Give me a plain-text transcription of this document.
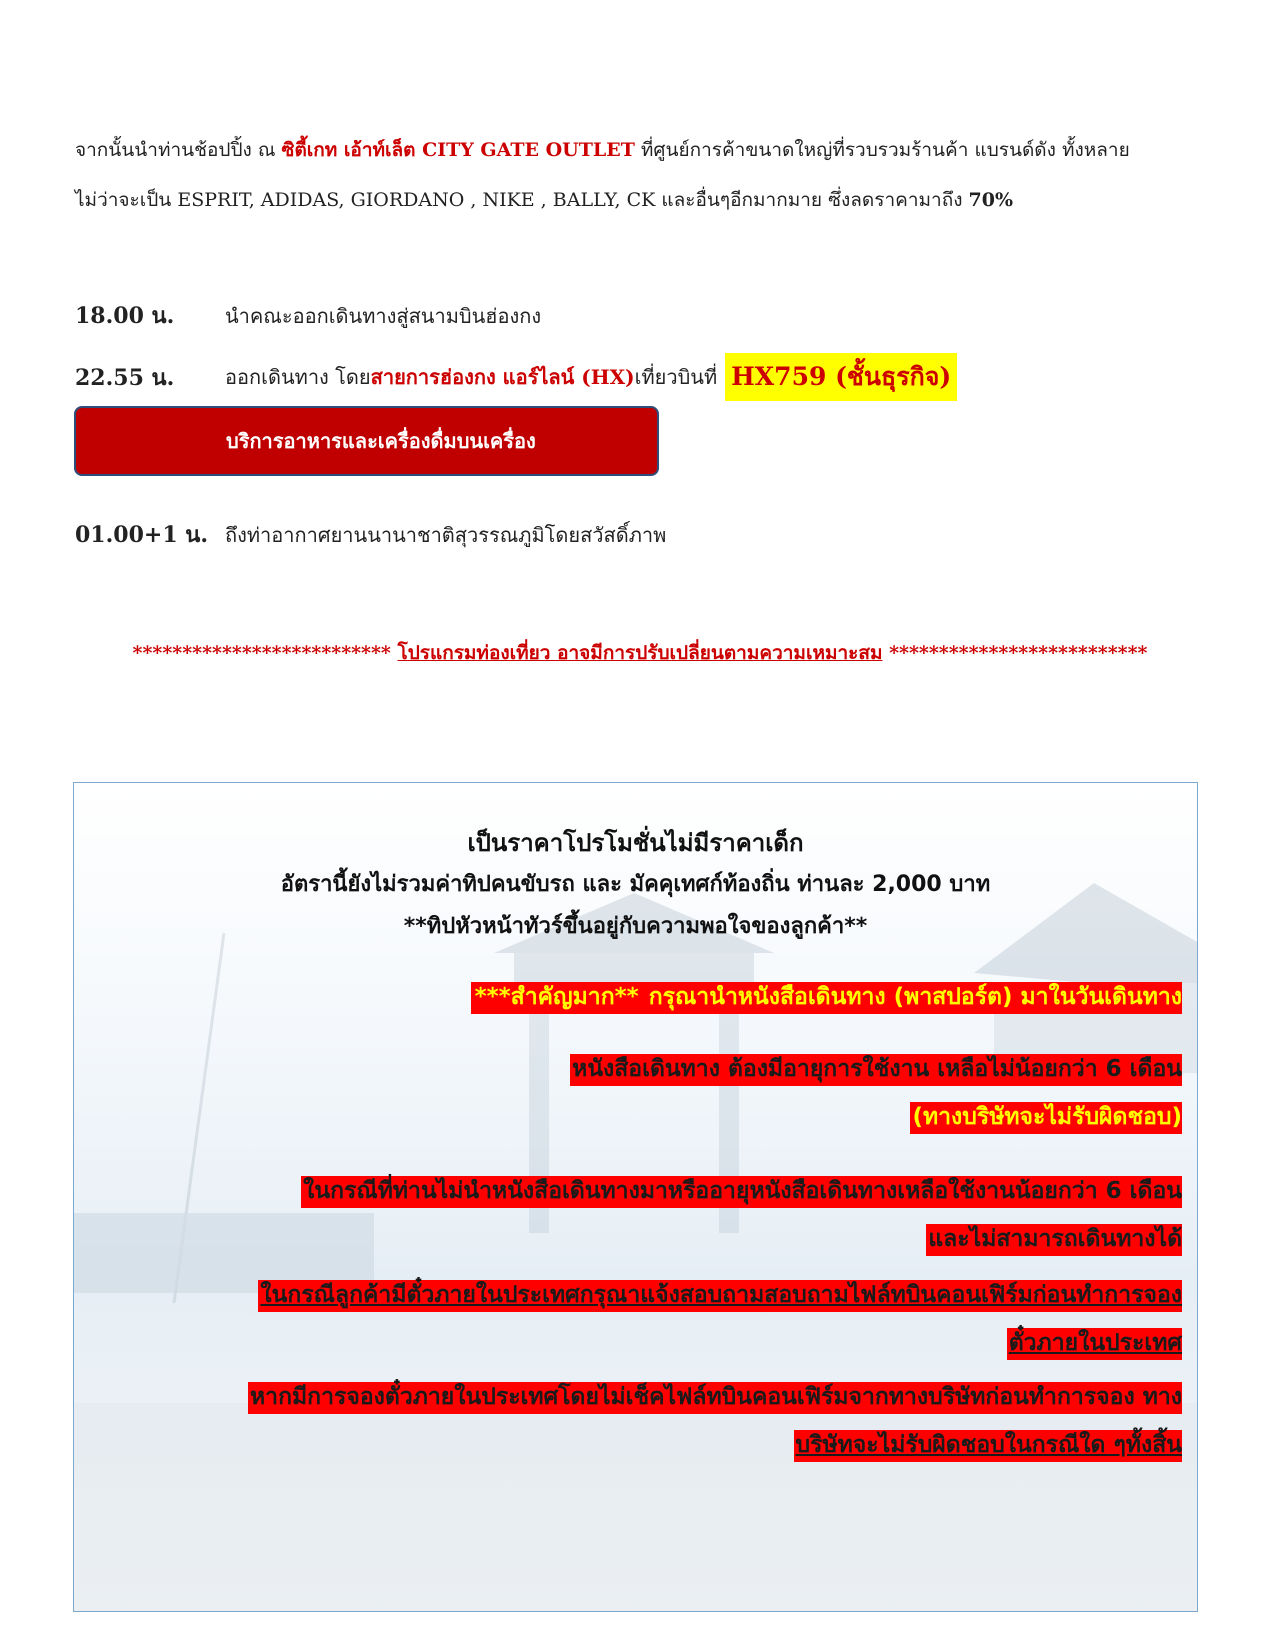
จากนั้นนำท่านช้อปปิ้ง ณ ซิตี้เกท เอ้าท์เล็ต CITY GATE OUTLET ที่ศูนย์การค้าขนาดใหญ่ที่รวบรวมร้านค้า แบรนด์ดัง ทั้งหลาย
ไม่ว่าจะเป็น ESPRIT, ADIDAS, GIORDANO , NIKE , BALLY, CK และอื่นๆอีกมากมาย ซึ่งลดราคามาถึง 70%
18.00 น.	นำคณะออกเดินทางสู่สนามบินฮ่องกง
22.55 น.	ออกเดินทาง โดย สายการฮ่องกง แอร์ไลน์ (HX) เที่ยวบินที่ HX759 (ชั้นธุรกิจ)
บริการอาหารและเครื่องดื่มบนเครื่อง
01.00+1 น. ถึงท่าอากาศยานนานาชาติสุวรรณภูมิโดยสวัสดิ์ภาพ
************************** โปรแกรมท่องเที่ยว อาจมีการปรับเปลี่ยนตามความเหมาะสม **************************
เป็นราคาโปรโมชั่นไม่มีราคาเด็ก
อัตรานี้ยังไม่รวมค่าทิปคนขับรถ และ มัคคุเทศก์ท้องถิ่น ท่านละ 2,000 บาท
**ทิปหัวหน้าทัวร์ขึ้นอยู่กับความพอใจของลูกค้า**
***สำคัญมาก** กรุณานำหนังสือเดินทาง (พาสปอร์ต) มาในวันเดินทาง
หนังสือเดินทาง ต้องมีอายุการใช้งาน เหลือไม่น้อยกว่า 6 เดือน
(ทางบริษัทจะไม่รับผิดชอบ)
ในกรณีที่ท่านไม่นำหนังสือเดินทางมาหรืออายุหนังสือเดินทางเหลือใช้งานน้อยกว่า 6 เดือน
และไม่สามารถเดินทางได้
ในกรณีลูกค้ามีตั๋วภายในประเทศกรุณาแจ้งสอบถามสอบถามไฟล์ทบินคอนเฟิร์มก่อนทำการจอง
ตั๋วภายในประเทศ
หากมีการจองตั๋วภายในประเทศโดยไม่เช็คไฟล์ทบินคอนเฟิร์มจากทางบริษัทก่อนทำการจอง ทาง
บริษัทจะไม่รับผิดชอบในกรณีใด ๆทั้งสิ้น
